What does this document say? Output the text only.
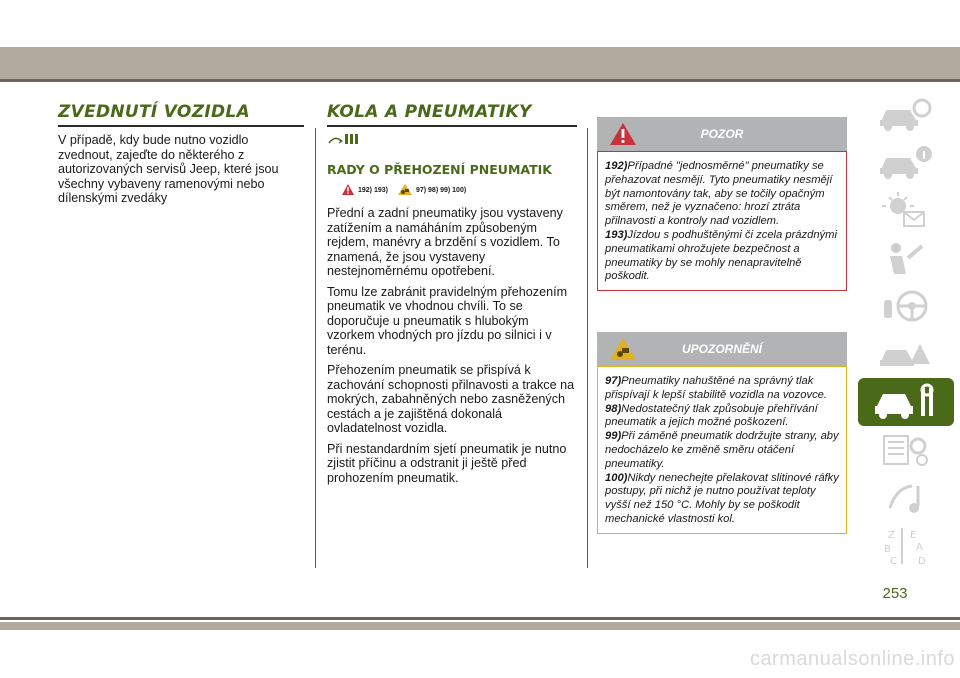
ZVEDNUTÍ VOZIDLA

V případě, kdy bude nutno vozidlo zvednout, zajeďte do některého z autorizovaných servisů Jeep, které jsou všechny vybaveny ramenovými nebo dílenskými zvedáky

KOLA A PNEUMATIKY
RADY O PŘEHOZENÍ PNEUMATIK
192) 193)	97) 98) 99) 100)

Přední a zadní pneumatiky jsou vystaveny zatížením a namáháním způsobeným rejdem, manévry a brzdění s vozidlem. To znamená, že jsou vystaveny nestejnoměrnému opotřebení.

Tomu lze zabránit pravidelným přehozením pneumatik ve vhodnou chvíli. To se doporučuje u pneumatik s hlubokým vzorkem vhodných pro jízdu po silnici i v terénu.

Přehozením pneumatik se přispívá k zachování schopnosti přilnavosti a trakce na mokrých, zabahněných nebo zasněžených cestách a je zajištěná dokonalá ovladatelnost vozidla.

Při nestandardním sjetí pneumatik je nutno zjistit příčinu a odstranit ji ještě před prohozením pneumatik.

POZOR

192)Případné "jednosměrné" pneumatiky se přehazovat nesmějí. Tyto pneumatiky nesmějí být namontovány tak, aby se točily opačným směrem, než je vyznačeno: hrozí ztráta přilnavosti a kontroly nad vozidlem.

193)Jízdou s podhuštěnými či zcela prázdnými pneumatikami ohrožujete bezpečnost a pneumatiky by se mohly nenapravitelně poškodit.

UPOZORNĚNÍ

97)Pneumatiky nahuštěné na správný tlak přispívají k lepší stabilitě vozidla na vozovce.

98)Nedostatečný tlak způsobuje přehřívání pneumatik a jejich možné poškození.

99)Při záměně pneumatik dodržujte strany, aby nedocházelo ke změně směru otáčení pneumatiky.

100)Nikdy nenechejte přelakovat slitinové ráfky postupy, při nichž je nutno používat teploty vyšší než 150 °C. Mohly by se poškodit mechanické vlastnosti kol.

Z E
B	A
C D
253
carmanualsonline.info
